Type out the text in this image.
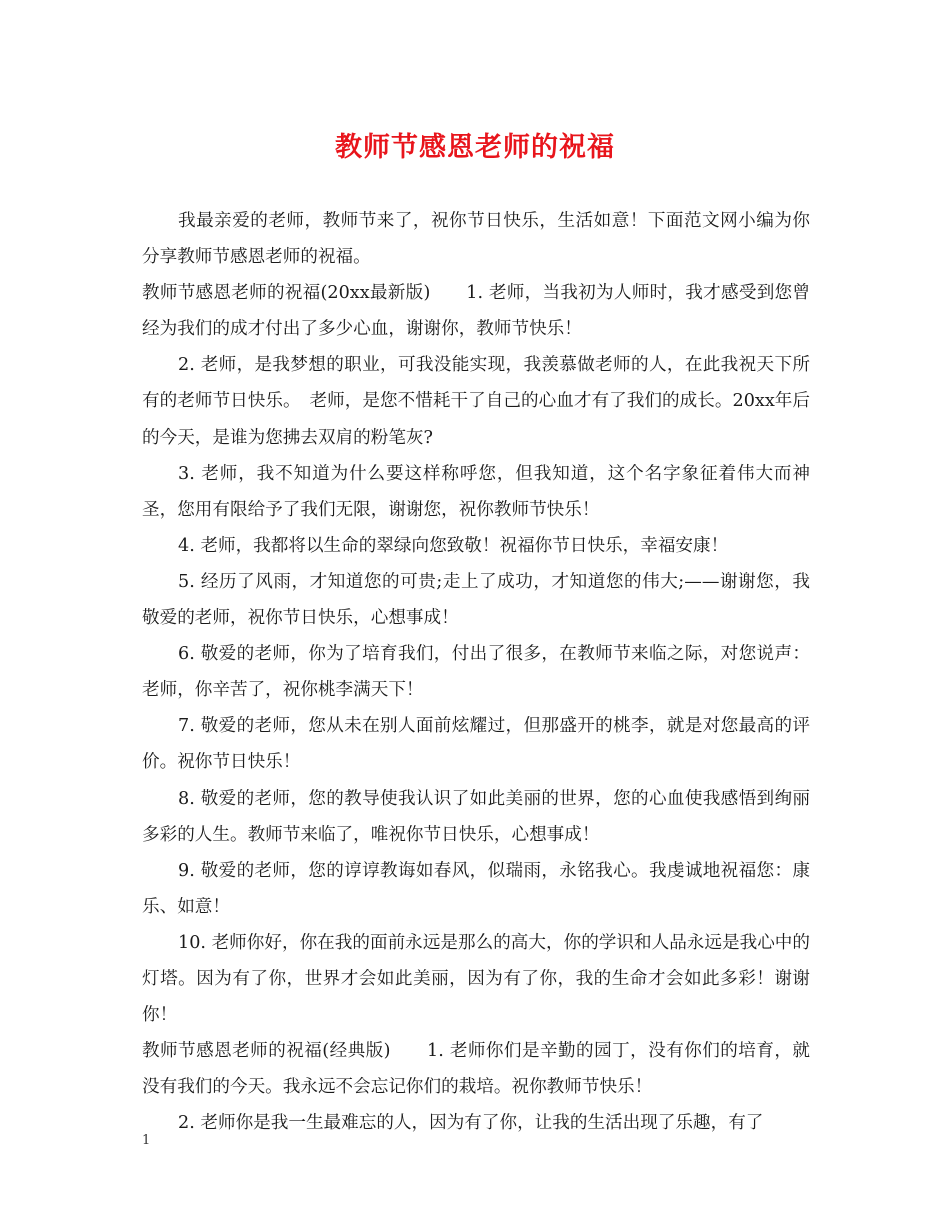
教师节感恩老师的祝福

我最亲爱的老师，教师节来了，祝你节日快乐，生活如意！下面范文网小编为你分享教师节感恩老师的祝福。

教师节感恩老师的祝福(20xx最新版)　　1. 老师，当我初为人师时，我才感受到您曾经为我们的成才付出了多少心血，谢谢你，教师节快乐！

2. 老师，是我梦想的职业，可我没能实现，我羡慕做老师的人，在此我祝天下所有的老师节日快乐。　老师，是您不惜耗干了自己的心血才有了我们的成长。20xx年后的今天，是谁为您拂去双肩的粉笔灰?

3. 老师，我不知道为什么要这样称呼您，但我知道，这个名字象征着伟大而神圣，您用有限给予了我们无限，谢谢您，祝你教师节快乐！

4. 老师，我都将以生命的翠绿向您致敬！祝福你节日快乐，幸福安康！

5. 经历了风雨，才知道您的可贵;走上了成功，才知道您的伟大;——谢谢您，我敬爱的老师，祝你节日快乐，心想事成！

6. 敬爱的老师，你为了培育我们，付出了很多，在教师节来临之际，对您说声：老师，你辛苦了，祝你桃李满天下！

7. 敬爱的老师，您从未在别人面前炫耀过，但那盛开的桃李，就是对您最高的评价。祝你节日快乐！

8. 敬爱的老师，您的教导使我认识了如此美丽的世界，您的心血使我感悟到绚丽多彩的人生。教师节来临了，唯祝你节日快乐，心想事成！

9. 敬爱的老师，您的谆谆教诲如春风，似瑞雨，永铭我心。我虔诚地祝福您：康乐、如意！

10. 老师你好，你在我的面前永远是那么的高大，你的学识和人品永远是我心中的灯塔。因为有了你，世界才会如此美丽，因为有了你，我的生命才会如此多彩！谢谢你！

教师节感恩老师的祝福(经典版)　　1. 老师你们是辛勤的园丁，没有你们的培育，就没有我们的今天。我永远不会忘记你们的栽培。祝你教师节快乐！

2. 老师你是我一生最难忘的人，因为有了你，让我的生活出现了乐趣，有了

1
